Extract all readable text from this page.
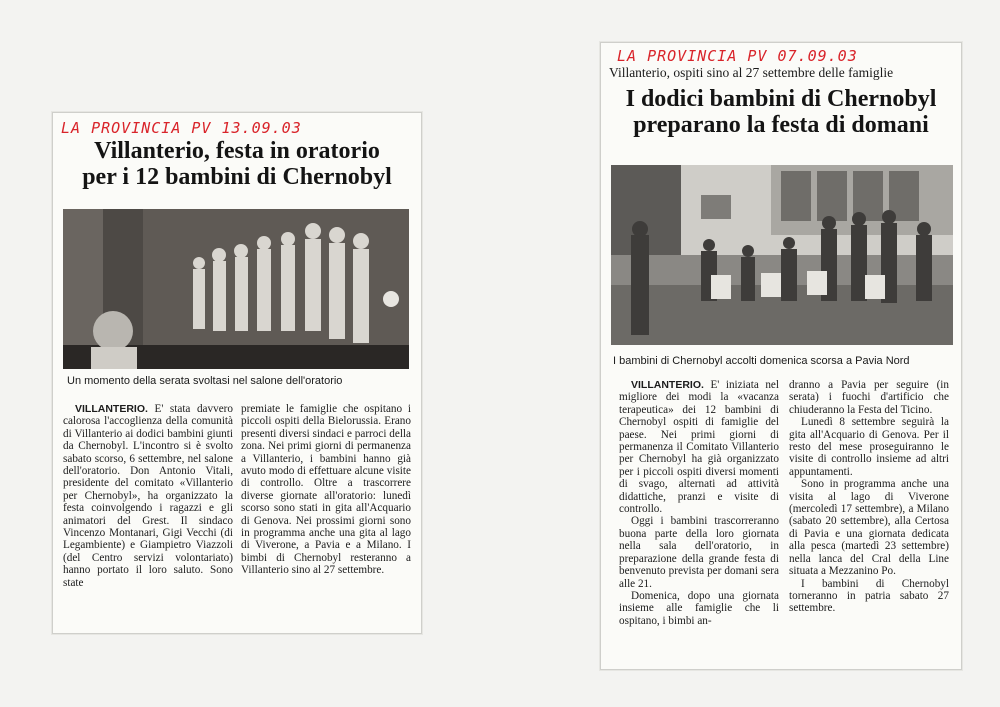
LA PROVINCIA PV 13.09.03
Villanterio, festa in oratorio
per i 12 bambini di Chernobyl
Un momento della serata svoltasi nel salone dell'oratorio

VILLANTERIO. E' stata davvero calorosa l'accoglienza della comunità di Villanterio ai dodici bambini giunti da Chernobyl. L'incontro si è svolto sabato scorso, 6 settembre, nel salone dell'oratorio. Don Antonio Vitali, presidente del comitato «Villanterio per Chernobyl», ha organizzato la festa coinvolgendo i ragazzi e gli animatori del Grest. Il sindaco Vincenzo Montanari, Gigi Vecchi (di Legambiente) e Giampietro Viazzoli (del Centro servizi volontariato) hanno portato il loro saluto. Sono state

premiate le famiglie che ospitano i piccoli ospiti della Bielorussia. Erano presenti diversi sindaci e parroci della zona. Nei primi giorni di permanenza a Villanterio, i bambini hanno già avuto modo di effettuare alcune visite di controllo. Oltre a trascorrere diverse giornate all'oratorio: lunedì scorso sono stati in gita all'Acquario di Genova. Nei prossimi giorni sono in programma anche una gita al lago di Viverone, a Pavia e a Milano. I bimbi di Chernobyl resteranno a Villanterio sino al 27 settembre.

LA PROVINCIA PV 07.09.03
Villanterio, ospiti sino al 27 settembre delle famiglie
I dodici bambini di Chernobyl
preparano la festa di domani
I bambini di Chernobyl accolti domenica scorsa a Pavia Nord

VILLANTERIO. E' iniziata nel migliore dei modi la «vacanza terapeutica» dei 12 bambini di Chernobyl ospiti di famiglie del paese. Nei primi giorni di permanenza il Comitato Villanterio per Chernobyl ha già organizzato per i piccoli ospiti diversi momenti di svago, alternati ad attività didattiche, pranzi e visite di controllo.

Oggi i bambini trascorreranno buona parte della loro giornata nella sala dell'oratorio, in preparazione della grande festa di benvenuto prevista per domani sera alle 21.

Domenica, dopo una giornata insieme alle famiglie che li ospitano, i bimbi an-

dranno a Pavia per seguire (in serata) i fuochi d'artificio che chiuderanno la Festa del Ticino.

Lunedì 8 settembre seguirà la gita all'Acquario di Genova. Per il resto del mese proseguiranno le visite di controllo insieme ad altri appuntamenti.

Sono in programma anche una visita al lago di Viverone (mercoledì 17 settembre), a Milano (sabato 20 settembre), alla Certosa di Pavia e una giornata dedicata alla pesca (martedì 23 settembre) nella lanca del Cral della Line situata a Mezzanino Po.

I bambini di Chernobyl torneranno in patria sabato 27 settembre.
